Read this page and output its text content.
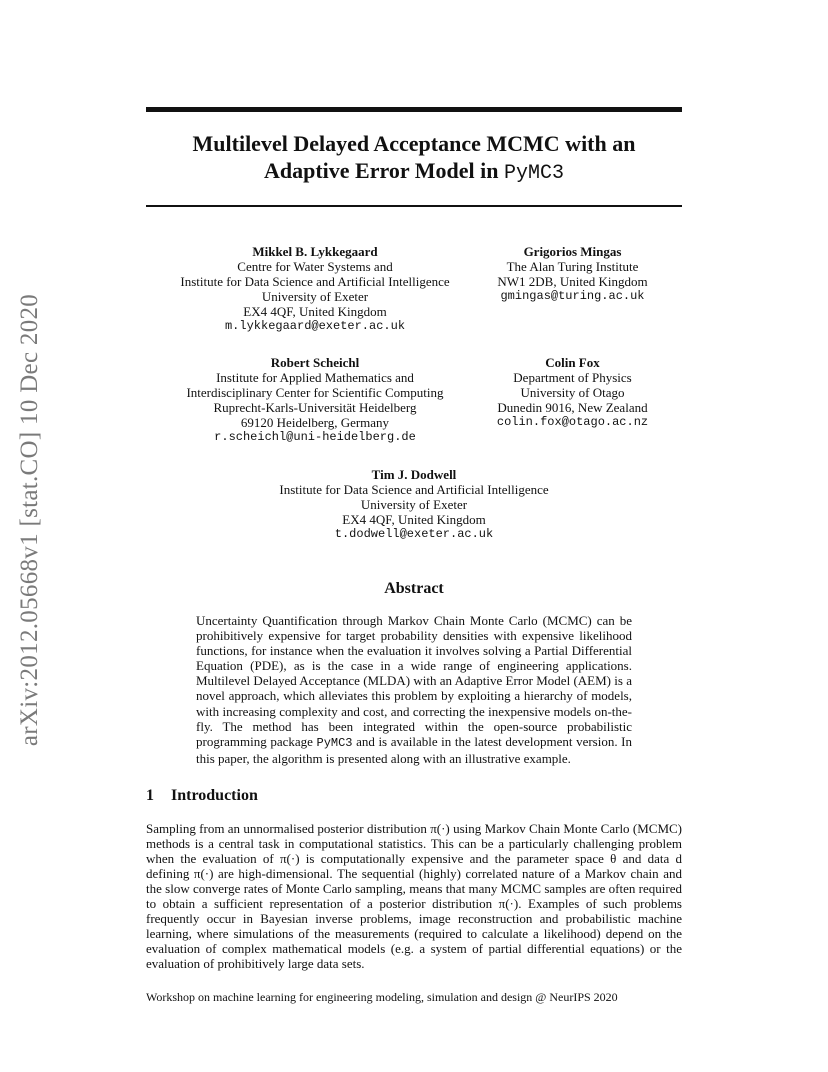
arXiv:2012.05668v1 [stat.CO] 10 Dec 2020
Multilevel Delayed Acceptance MCMC with an
Adaptive Error Model in PyMC3
Mikkel B. Lykkegaard
Centre for Water Systems and
Institute for Data Science and Artificial Intelligence
University of Exeter
EX4 4QF, United Kingdom
m.lykkegaard@exeter.ac.uk
Grigorios Mingas
The Alan Turing Institute
NW1 2DB, United Kingdom
gmingas@turing.ac.uk
Robert Scheichl
Institute for Applied Mathematics and
Interdisciplinary Center for Scientific Computing
Ruprecht-Karls-Universität Heidelberg
69120 Heidelberg, Germany
r.scheichl@uni-heidelberg.de
Colin Fox
Department of Physics
University of Otago
Dunedin 9016, New Zealand
colin.fox@otago.ac.nz
Tim J. Dodwell
Institute for Data Science and Artificial Intelligence
University of Exeter
EX4 4QF, United Kingdom
t.dodwell@exeter.ac.uk
Abstract
Uncertainty Quantification through Markov Chain Monte Carlo (MCMC) can be prohibitively expensive for target probability densities with expensive likelihood functions, for instance when the evaluation it involves solving a Partial Differential Equation (PDE), as is the case in a wide range of engineering applications. Multilevel Delayed Acceptance (MLDA) with an Adaptive Error Model (AEM) is a novel approach, which alleviates this problem by exploiting a hierarchy of models, with increasing complexity and cost, and correcting the inexpensive models on-the-fly. The method has been integrated within the open-source probabilistic programming package PyMC3 and is available in the latest development version. In this paper, the algorithm is presented along with an illustrative example.
1 Introduction
Sampling from an unnormalised posterior distribution π(·) using Markov Chain Monte Carlo (MCMC) methods is a central task in computational statistics. This can be a particularly challenging problem when the evaluation of π(·) is computationally expensive and the parameter space θ and data d defining π(·) are high-dimensional. The sequential (highly) correlated nature of a Markov chain and the slow converge rates of Monte Carlo sampling, means that many MCMC samples are often required to obtain a sufficient representation of a posterior distribution π(·). Examples of such problems frequently occur in Bayesian inverse problems, image reconstruction and probabilistic machine learning, where simulations of the measurements (required to calculate a likelihood) depend on the evaluation of complex mathematical models (e.g. a system of partial differential equations) or the evaluation of prohibitively large data sets.
Workshop on machine learning for engineering modeling, simulation and design @ NeurIPS 2020
